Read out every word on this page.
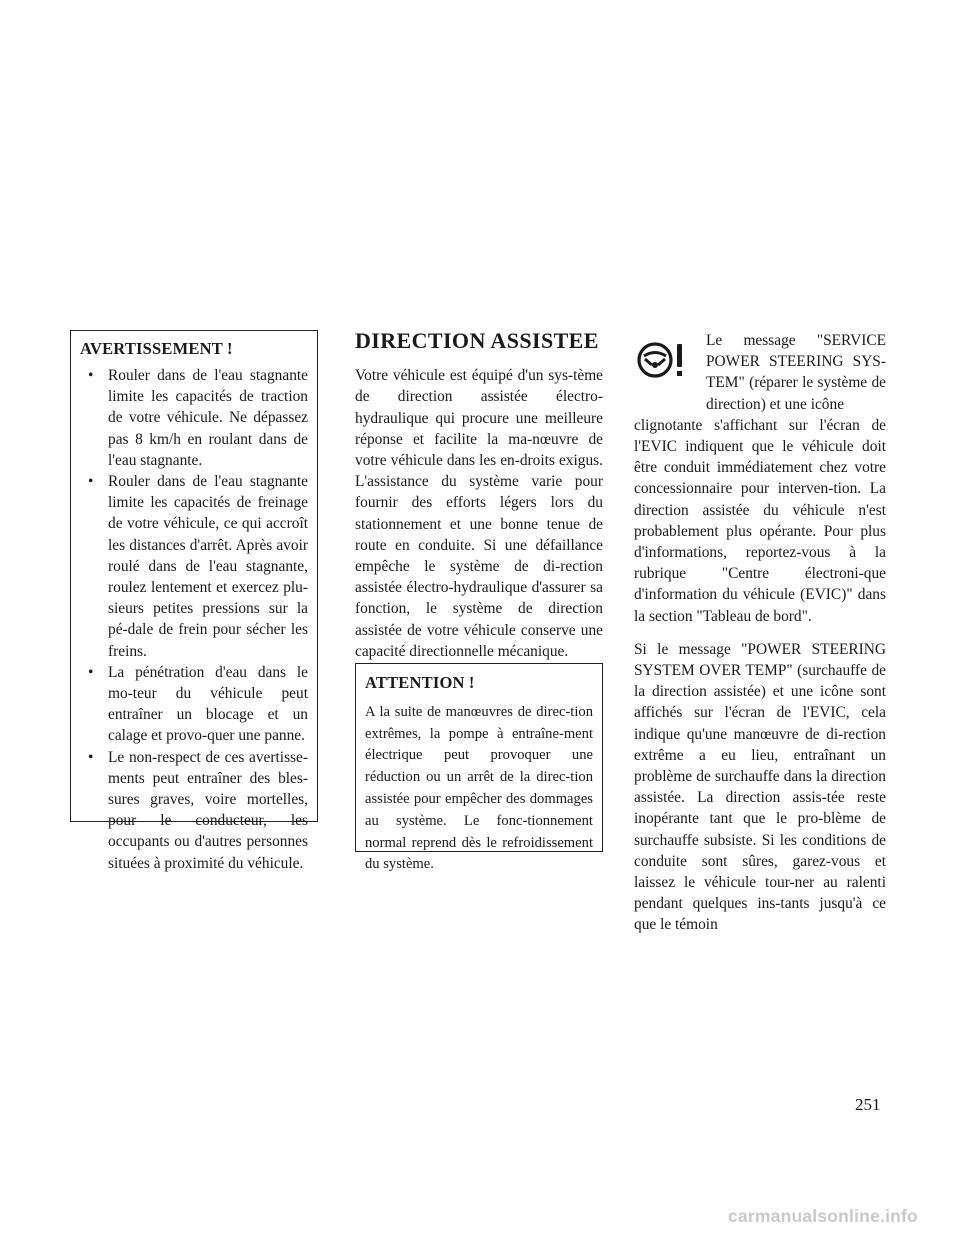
AVERTISSEMENT !
• Rouler dans de l'eau stagnante limite les capacités de traction de votre véhicule. Ne dépassez pas 8 km/h en roulant dans de l'eau stagnante.
• Rouler dans de l'eau stagnante limite les capacités de freinage de votre véhicule, ce qui accroît les distances d'arrêt. Après avoir roulé dans de l'eau stagnante, roulez lentement et exercez plu-sieurs petites pressions sur la pé-dale de frein pour sécher les freins.
• La pénétration d'eau dans le mo-teur du véhicule peut entraîner un blocage et un calage et provo-quer une panne.
• Le non-respect de ces avertisse-ments peut entraîner des bles-sures graves, voire mortelles, pour le conducteur, les occupants ou d'autres personnes situées à proximité du véhicule.
DIRECTION ASSISTEE

Votre véhicule est équipé d'un sys-tème de direction assistée électro-hydraulique qui procure une meilleure réponse et facilite la ma-nœuvre de votre véhicule dans les en-droits exigus. L'assistance du système varie pour fournir des efforts légers lors du stationnement et une bonne tenue de route en conduite. Si une défaillance empêche le système de di-rection assistée électro-hydraulique d'assurer sa fonction, le système de direction assistée de votre véhicule conserve une capacité directionnelle mécanique.

ATTENTION !

A la suite de manœuvres de direc-tion extrêmes, la pompe à entraîne-ment électrique peut provoquer une réduction ou un arrêt de la direc-tion assistée pour empêcher des dommages au système. Le fonc-tionnement normal reprend dès le refroidissement du système.

Le message "SERVICE POWER STEERING SYS-TEM" (réparer le système de direction) et une icône

clignotante s'affichant sur l'écran de l'EVIC indiquent que le véhicule doit être conduit immédiatement chez votre concessionnaire pour interven-tion. La direction assistée du véhicule n'est probablement plus opérante. Pour plus d'informations, reportez-vous à la rubrique "Centre électroni-que d'information du véhicule (EVIC)" dans la section "Tableau de bord".

Si le message "POWER STEERING SYSTEM OVER TEMP" (surchauffe de la direction assistée) et une icône sont affichés sur l'écran de l'EVIC, cela indique qu'une manœuvre de di-rection extrême a eu lieu, entraînant un problème de surchauffe dans la direction assistée. La direction assis-tée reste inopérante tant que le pro-blème de surchauffe subsiste. Si les conditions de conduite sont sûres, garez-vous et laissez le véhicule tour-ner au ralenti pendant quelques ins-tants jusqu'à ce que le témoin

251
carmanualsonline.info
